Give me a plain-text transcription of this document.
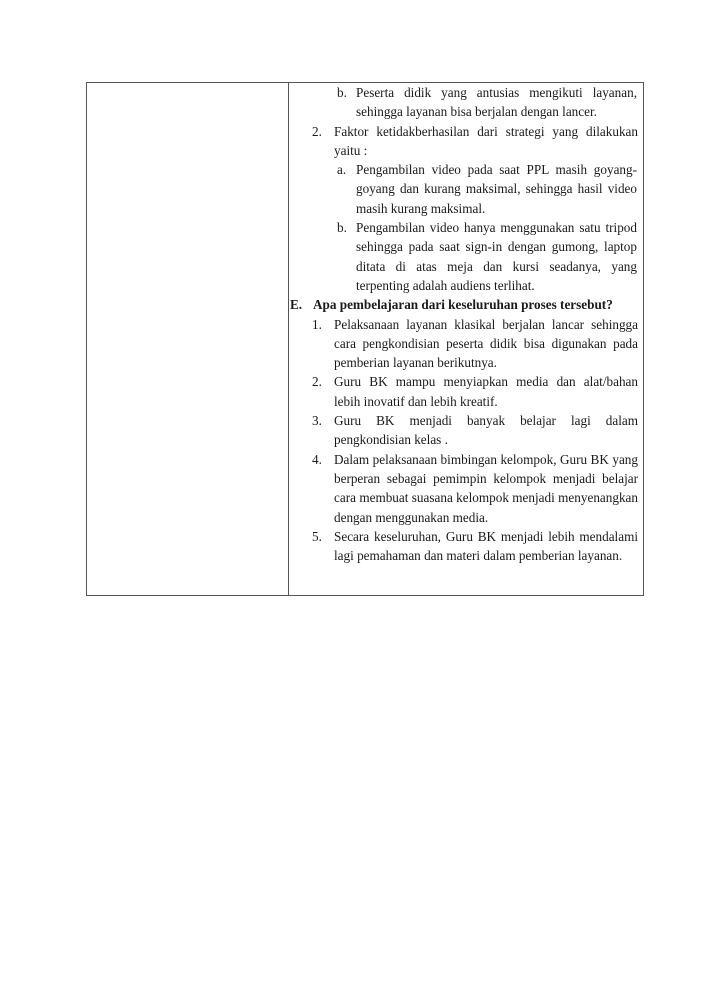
b. Peserta didik yang antusias mengikuti layanan, sehingga layanan bisa berjalan dengan lancer.
2. Faktor ketidakberhasilan dari strategi yang dilakukan yaitu :
a. Pengambilan video pada saat PPL masih goyang-goyang dan kurang maksimal, sehingga hasil video masih kurang maksimal.
b. Pengambilan video hanya menggunakan satu tripod sehingga pada saat sign-in dengan gumong, laptop ditata di atas meja dan kursi seadanya, yang terpenting adalah audiens terlihat.
E. Apa pembelajaran dari keseluruhan proses tersebut?
1. Pelaksanaan layanan klasikal berjalan lancar sehingga cara pengkondisian peserta didik bisa digunakan pada pemberian layanan berikutnya.
2. Guru BK mampu menyiapkan media dan alat/bahan lebih inovatif dan lebih kreatif.
3. Guru BK menjadi banyak belajar lagi dalam pengkondisian kelas .
4. Dalam pelaksanaan bimbingan kelompok, Guru BK yang berperan sebagai pemimpin kelompok menjadi belajar cara membuat suasana kelompok menjadi menyenangkan dengan menggunakan media.
5. Secara keseluruhan, Guru BK menjadi lebih mendalami lagi pemahaman dan materi dalam pemberian layanan.
